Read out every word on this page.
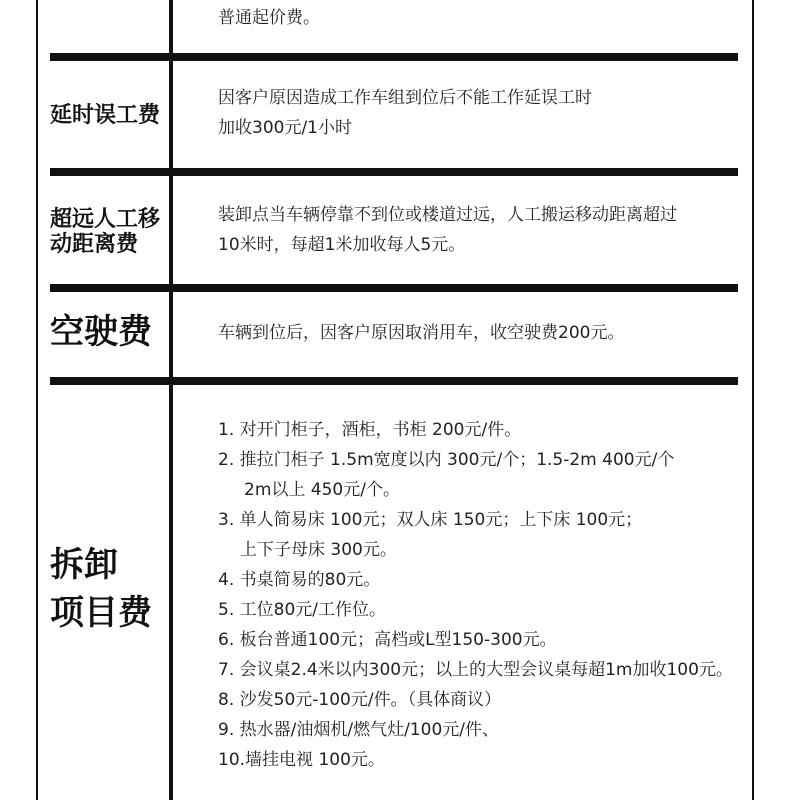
普通起价费。
延时误工费
因客户原因造成工作车组到位后不能工作延误工时
加收300元/1小时
超远人工移
动距离费
装卸点当车辆停靠不到位或楼道过远，人工搬运移动距离超过
10米时，每超1米加收每人5元。
空驶费	车辆到位后，因客户原因取消用车，收空驶费200元。
拆卸
项目费
1. 对开门柜子，酒柜，书柜 200元/件。
2. 推拉门柜子 1.5m宽度以内 300元/个；1.5-2m 400元/个
2m以上 450元/个。
3. 单人简易床 100元；双人床 150元；上下床 100元；
上下子母床 300元。
4. 书桌简易的80元。
5. 工位80元/工作位。
6. 板台普通100元；高档或L型150-300元。
7. 会议桌2.4米以内300元；以上的大型会议桌每超1m加收100元。
8. 沙发50元-100元/件。（具体商议）
9. 热水器/油烟机/燃气灶/100元/件、
10.墙挂电视 100元。
